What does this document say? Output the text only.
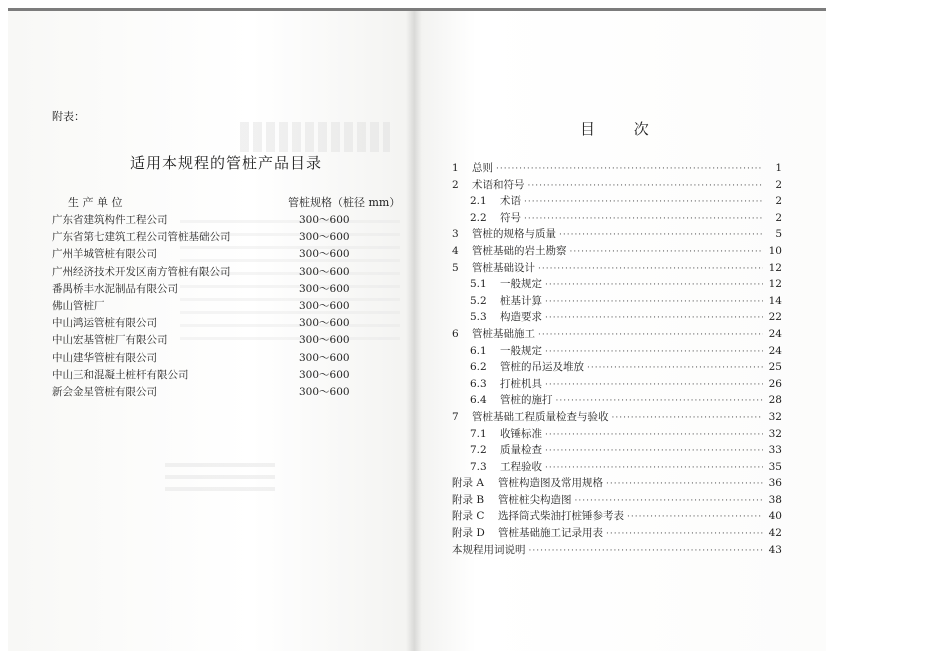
附表：
适用本规程的管桩产品目录
生 产 单 位	管桩规格（桩径 mm）
广东省建筑构件工程公司	300～600
广东省第七建筑工程公司管桩基础公司	300～600
广州羊城管桩有限公司	300～600
广州经济技术开发区南方管桩有限公司	300～600
番禺桥丰水泥制品有限公司	300～600
佛山管桩厂	300～600
中山鸿运管桩有限公司	300～600
中山宏基管桩厂有限公司	300～600
中山建华管桩有限公司	300～600
中山三和混凝土桩杆有限公司	300～600
新会金星管桩有限公司	300～600
目	次
1	总则 ·····	1
2	术语和符号 ·····	2
2.1	术语 ·····	2
2.2	符号 ·····	2
3	管桩的规格与质量 ·····	5
4	管桩基础的岩土勘察 ·····	10
5	管桩基础设计 ·····	12
5.1	一般规定 ·····	12
5.2	桩基计算 ·····	14
5.3	构造要求 ·····	22
6	管桩基础施工 ·····	24
6.1	一般规定 ·····	24
6.2	管桩的吊运及堆放 ·····	25
6.3	打桩机具 ·····	26
6.4	管桩的施打 ·····	28
7	管桩基础工程质量检查与验收 ·····	32
7.1	收锤标准 ·····	32
7.2	质量检查 ·····	33
7.3	工程验收 ·····	35
附录 A	管桩构造图及常用规格 ·····	36
附录 B	管桩桩尖构造图 ·····	38
附录 C	选择筒式柴油打桩锤参考表 ·····	40
附录 D	管桩基础施工记录用表 ·····	42
本规程用词说明 ·····	43
